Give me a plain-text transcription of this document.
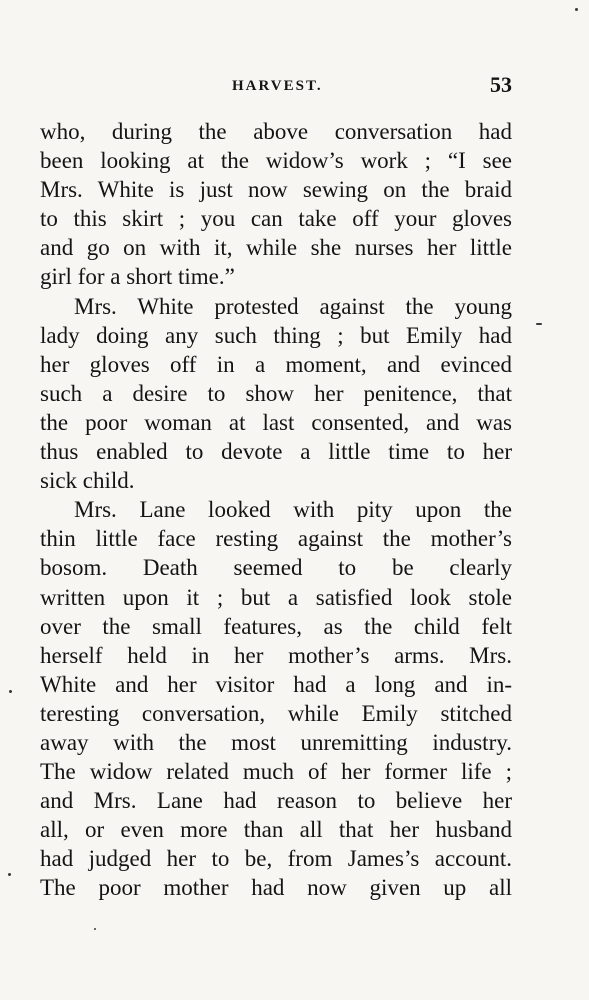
HARVEST.	53
who, during the above conversation had
been looking at the widow’s work ; “I see
Mrs. White is just now sewing on the braid
to this skirt ; you can take off your gloves
and go on with it, while she nurses her little
girl for a short time.”
Mrs. White protested against the young
lady doing any such thing ; but Emily had
her gloves off in a moment, and evinced
such a desire to show her penitence, that
the poor woman at last consented, and was
thus enabled to devote a little time to her
sick child.
Mrs. Lane looked with pity upon the
thin little face resting against the mother’s
bosom. Death seemed to be clearly
written upon it ; but a satisfied look stole
over the small features, as the child felt
herself held in her mother’s arms. Mrs.
White and her visitor had a long and in-
teresting conversation, while Emily stitched
away with the most unremitting industry.
The widow related much of her former life ;
and Mrs. Lane had reason to believe her
all, or even more than all that her husband
had judged her to be, from James’s account.
The poor mother had now given up all
